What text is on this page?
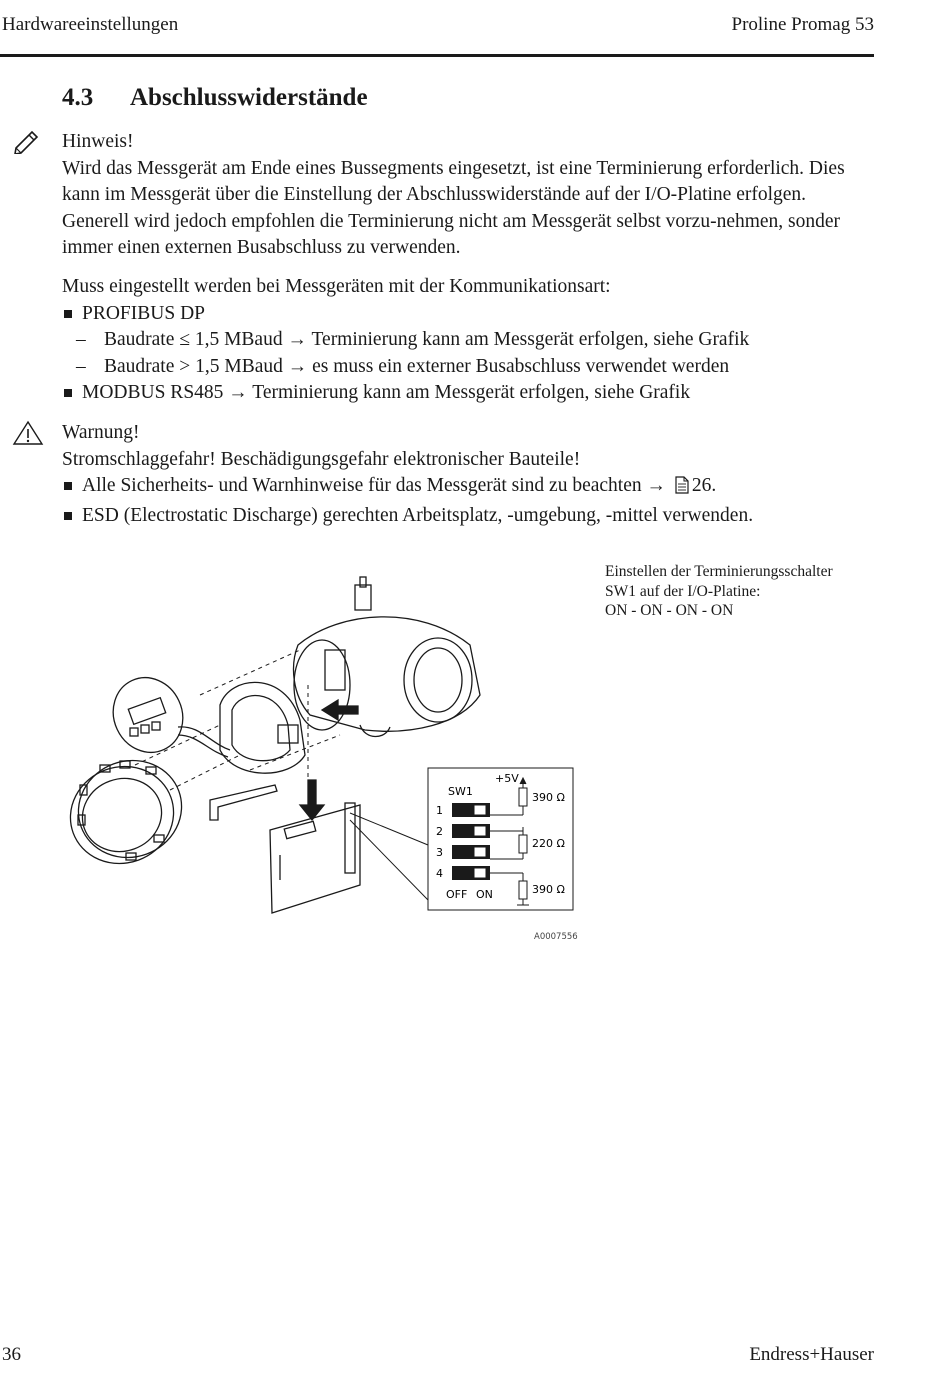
Hardwareeinstellungen	Proline Promag 53
4.3 Abschlusswiderstände

Hinweis!

Wird das Messgerät am Ende eines Bussegments eingesetzt, ist eine Terminierung erforderlich. Dies kann im Messgerät über die Einstellung der Abschlusswiderstände auf der I/O-Platine erfolgen. Generell wird jedoch empfohlen die Terminierung nicht am Messgerät selbst vorzu-nehmen, sonder immer einen externen Busabschluss zu verwenden.

Muss eingestellt werden bei Messgeräten mit der Kommunikationsart:

PROFIBUS DP
– Baudrate ≤ 1,5 MBaud → Terminierung kann am Messgerät erfolgen, siehe Grafik
– Baudrate > 1,5 MBaud → es muss ein externer Busabschluss verwendet werden
MODBUS RS485 → Terminierung kann am Messgerät erfolgen, siehe Grafik

Warnung!

Stromschlaggefahr! Beschädigungsgefahr elektronischer Bauteile!

Alle Sicherheits- und Warnhinweise für das Messgerät sind zu beachten → 26.
ESD (Electrostatic Discharge) gerechten Arbeitsplatz, -umgebung, -mittel verwenden.

Einstellen der Terminierungsschalter

SW1 auf der I/O-Platine:

ON - ON - ON - ON

SW1
+5V
1
2
3
4
OFF ON
390 Ω
220 Ω
390 Ω
A0007556
36	Endress+Hauser
